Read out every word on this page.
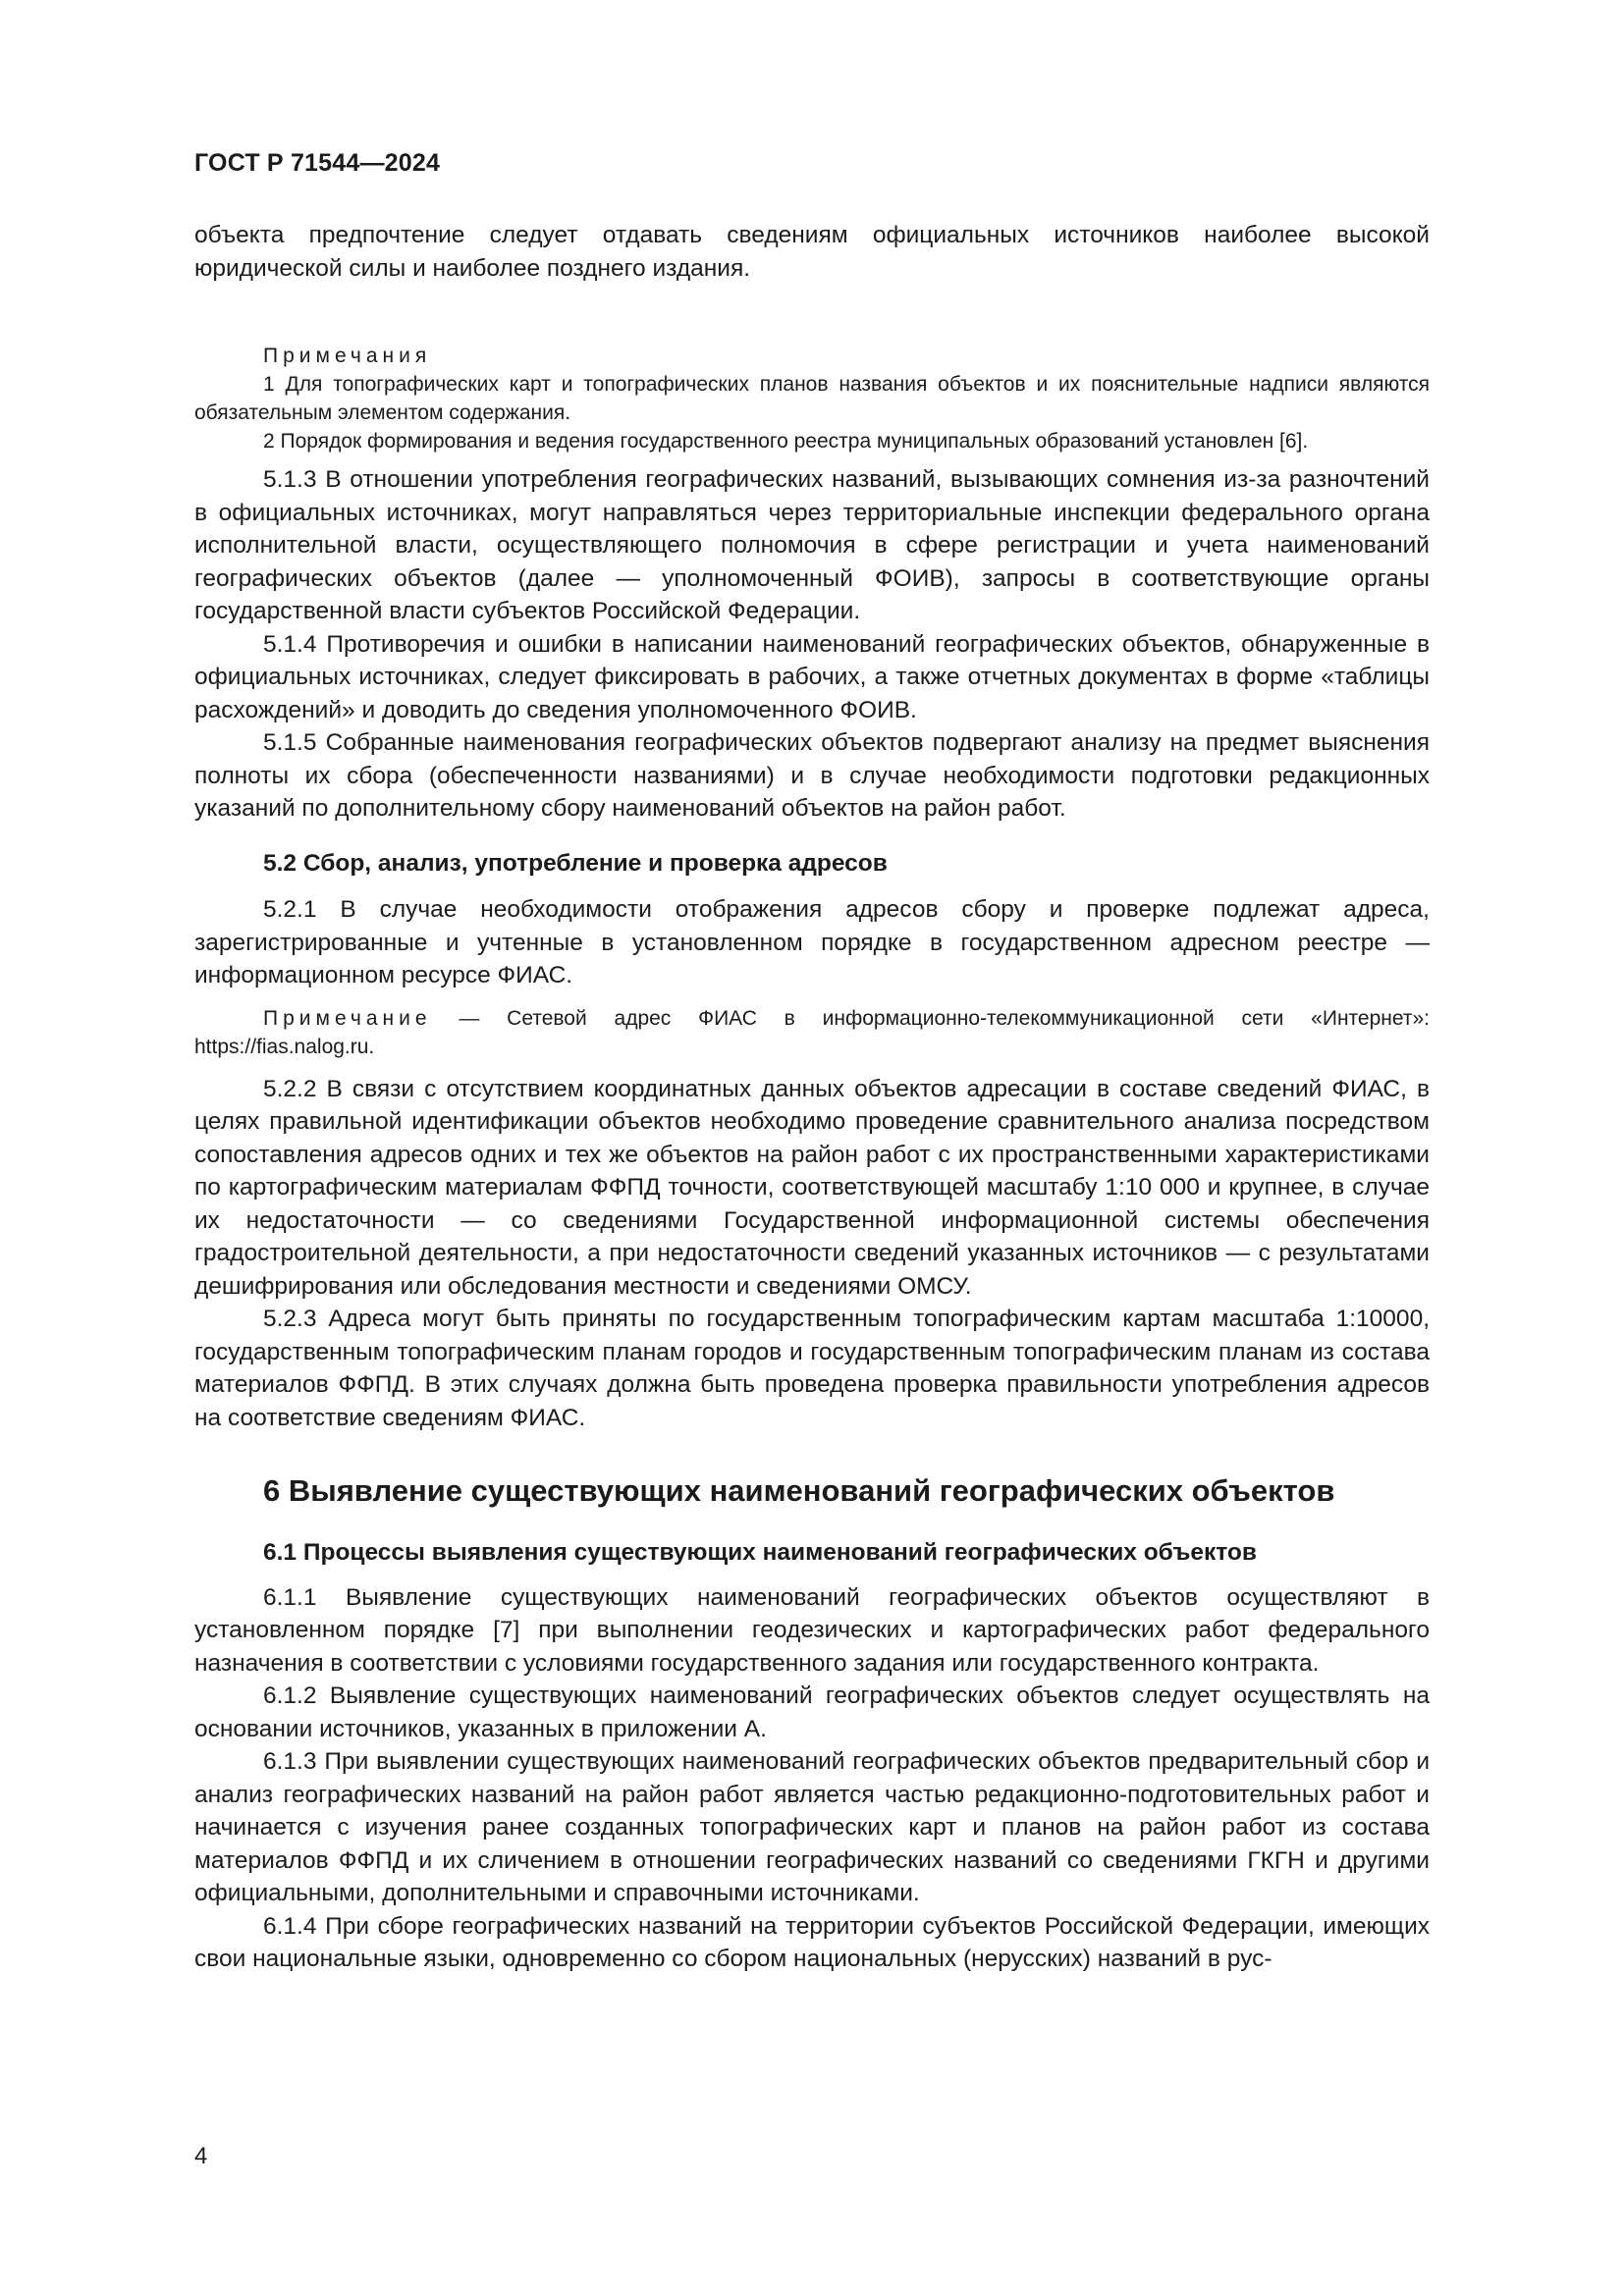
ГОСТ Р 71544—2024

объекта предпочтение следует отдавать сведениям официальных источников наиболее высокой юридической силы и наиболее позднего издания.

Примечания

1 Для топографических карт и топографических планов названия объектов и их пояснительные надписи являются обязательным элементом содержания.

2 Порядок формирования и ведения государственного реестра муниципальных образований установлен [6].

5.1.3 В отношении употребления географических названий, вызывающих сомнения из-за разночтений в официальных источниках, могут направляться через территориальные инспекции федерального органа исполнительной власти, осуществляющего полномочия в сфере регистрации и учета наименований географических объектов (далее — уполномоченный ФОИВ), запросы в соответствующие органы государственной власти субъектов Российской Федерации.

5.1.4 Противоречия и ошибки в написании наименований географических объектов, обнаруженные в официальных источниках, следует фиксировать в рабочих, а также отчетных документах в форме «таблицы расхождений» и доводить до сведения уполномоченного ФОИВ.

5.1.5 Собранные наименования географических объектов подвергают анализу на предмет выяснения полноты их сбора (обеспеченности названиями) и в случае необходимости подготовки редакционных указаний по дополнительному сбору наименований объектов на район работ.

5.2 Сбор, анализ, употребление и проверка адресов

5.2.1 В случае необходимости отображения адресов сбору и проверке подлежат адреса, зарегистрированные и учтенные в установленном порядке в государственном адресном реестре — информационном ресурсе ФИАС.

Примечание — Сетевой адрес ФИАС в информационно-телекоммуникационной сети «Интернет»: https://fias.nalog.ru.

5.2.2 В связи с отсутствием координатных данных объектов адресации в составе сведений ФИАС, в целях правильной идентификации объектов необходимо проведение сравнительного анализа посредством сопоставления адресов одних и тех же объектов на район работ с их пространственными характеристиками по картографическим материалам ФФПД точности, соответствующей масштабу 1:10 000 и крупнее, в случае их недостаточности — со сведениями Государственной информационной системы обеспечения градостроительной деятельности, а при недостаточности сведений указанных источников — с результатами дешифрирования или обследования местности и сведениями ОМСУ.

5.2.3 Адреса могут быть приняты по государственным топографическим картам масштаба 1:10000, государственным топографическим планам городов и государственным топографическим планам из состава материалов ФФПД. В этих случаях должна быть проведена проверка правильности употребления адресов на соответствие сведениям ФИАС.

6 Выявление существующих наименований географических объектов
6.1 Процессы выявления существующих наименований географических объектов

6.1.1 Выявление существующих наименований географических объектов осуществляют в установленном порядке [7] при выполнении геодезических и картографических работ федерального назначения в соответствии с условиями государственного задания или государственного контракта.

6.1.2 Выявление существующих наименований географических объектов следует осуществлять на основании источников, указанных в приложении А.

6.1.3 При выявлении существующих наименований географических объектов предварительный сбор и анализ географических названий на район работ является частью редакционно-подготовительных работ и начинается с изучения ранее созданных топографических карт и планов на район работ из состава материалов ФФПД и их сличением в отношении географических названий со сведениями ГКГН и другими официальными, дополнительными и справочными источниками.

6.1.4 При сборе географических названий на территории субъектов Российской Федерации, имеющих свои национальные языки, одновременно со сбором национальных (нерусских) названий в рус-

4
